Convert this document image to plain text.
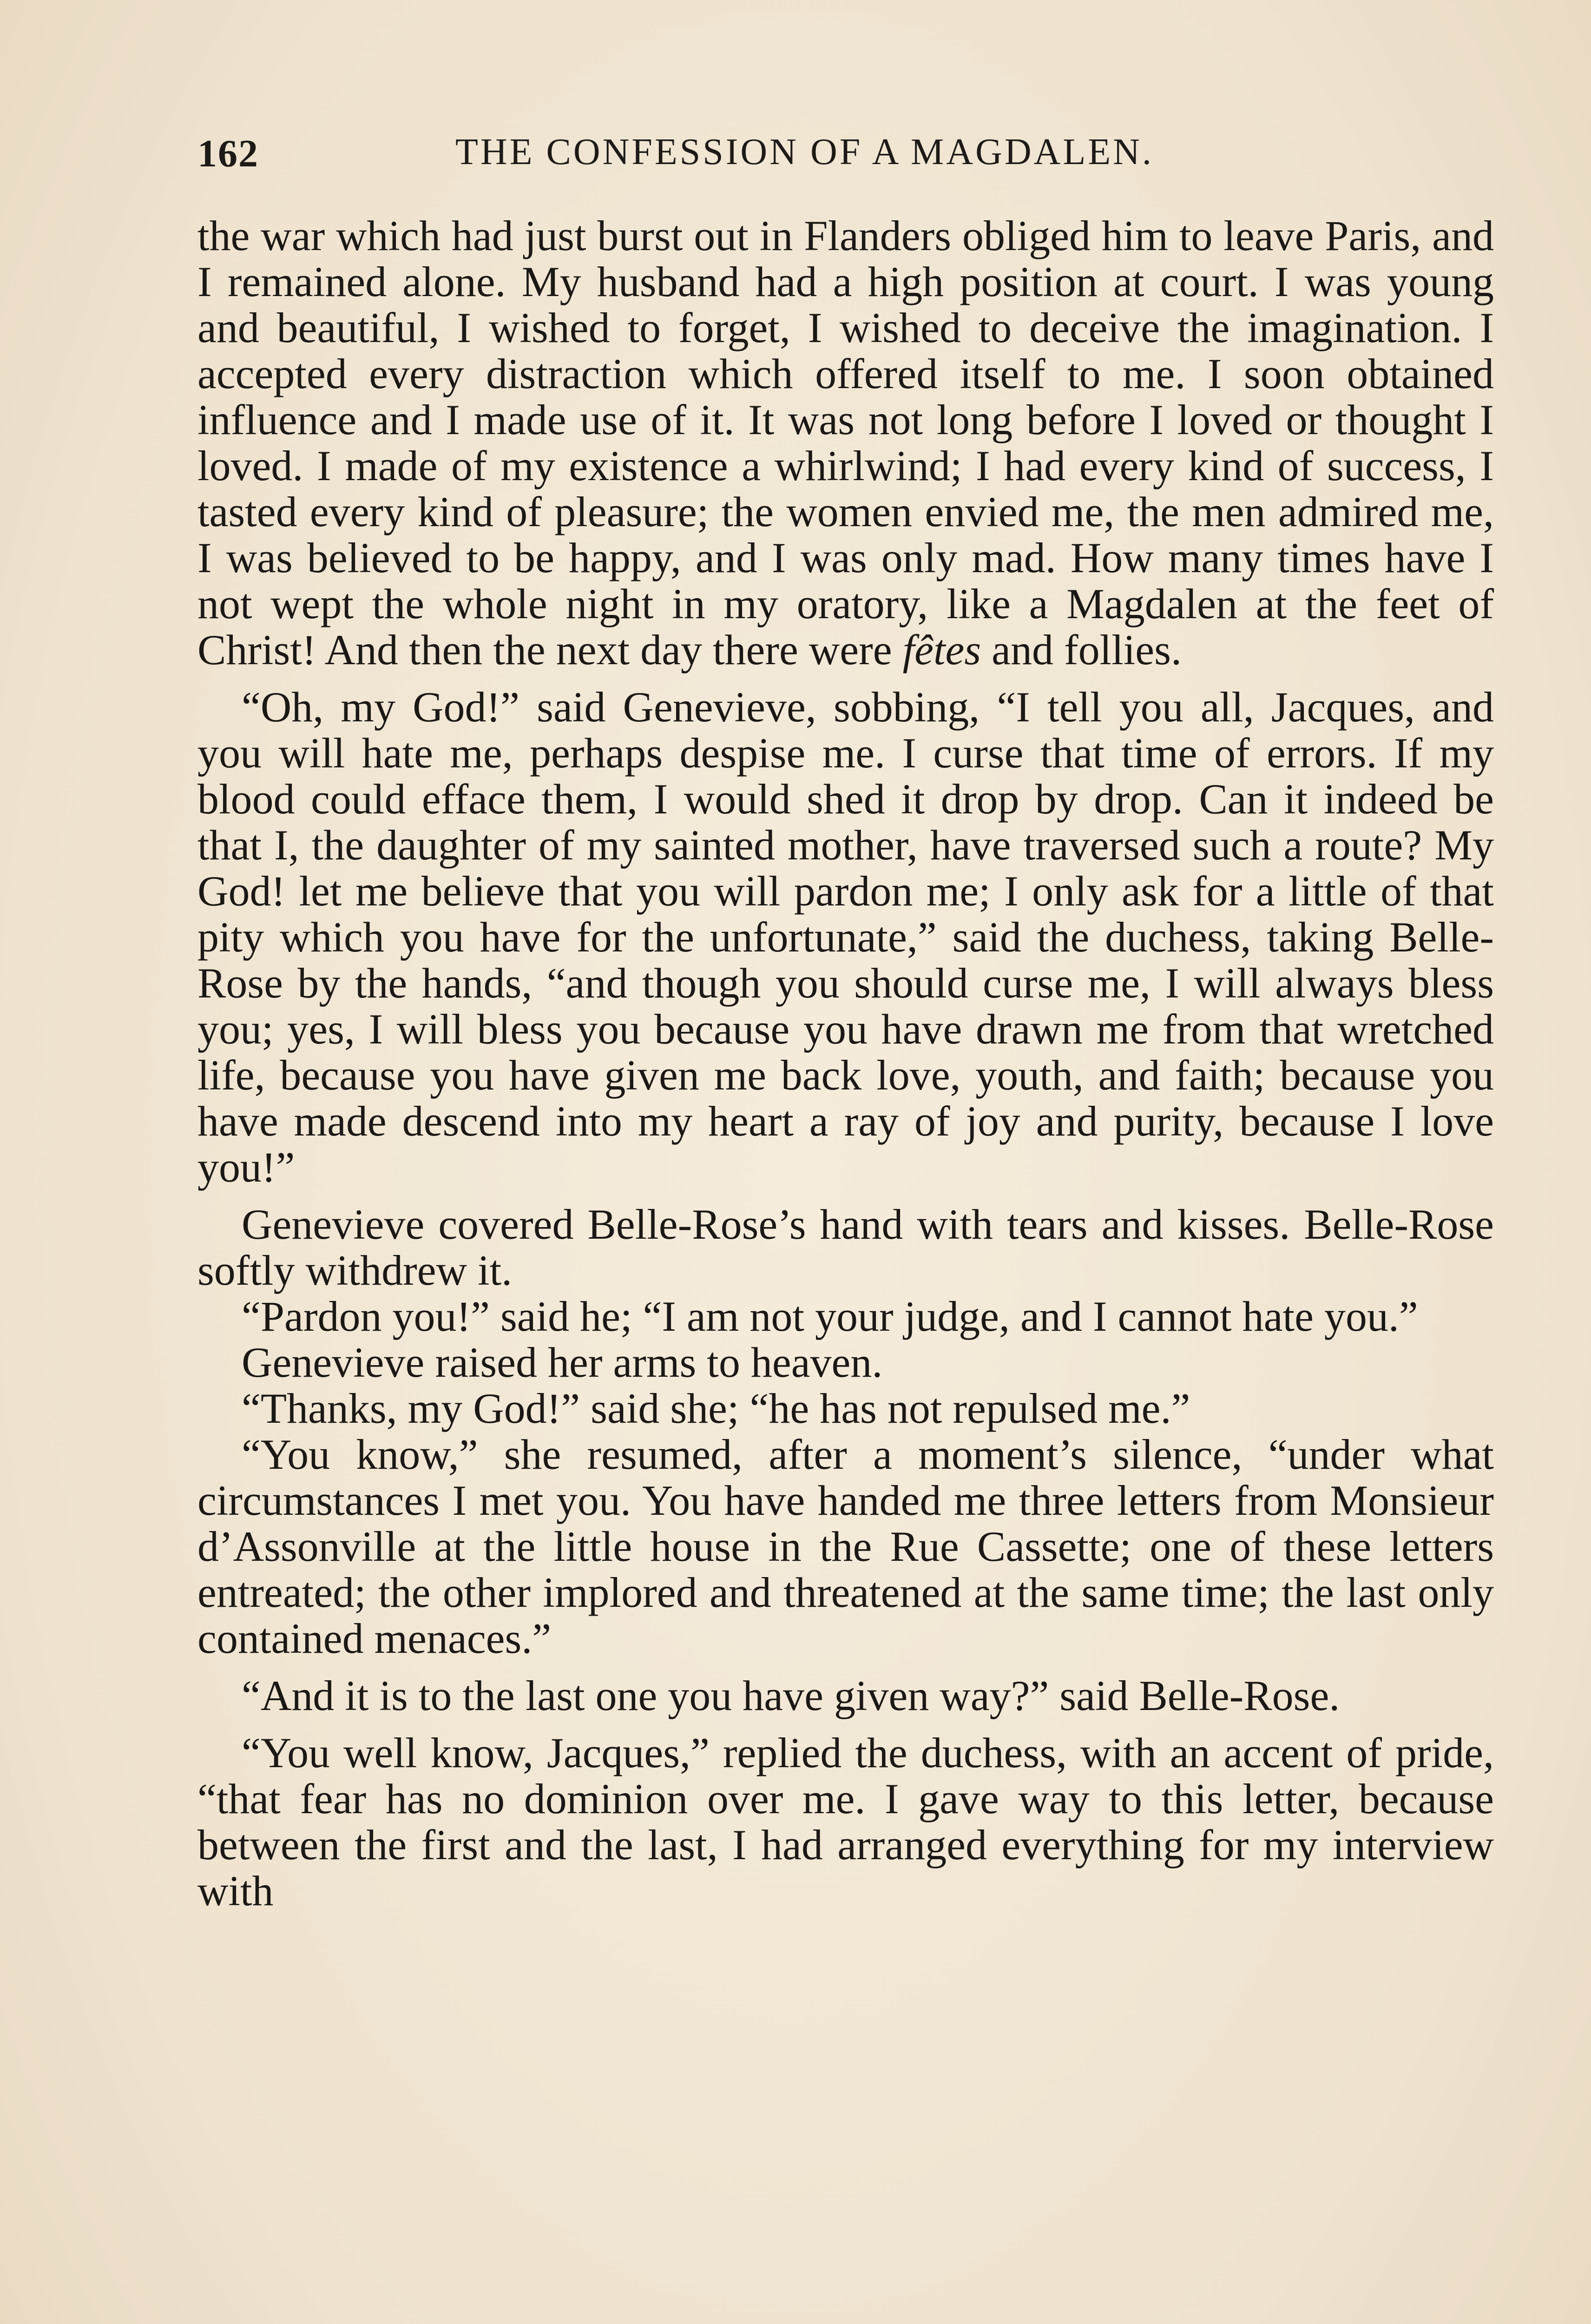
162	THE CONFESSION OF A MAGDALEN.

the war which had just burst out in Flanders obliged him to leave Paris, and I remained alone. My husband had a high position at court. I was young and beautiful, I wished to forget, I wished to deceive the imagination. I accepted every distraction which offered itself to me. I soon obtained influence and I made use of it. It was not long before I loved or thought I loved. I made of my existence a whirlwind; I had every kind of success, I tasted every kind of pleasure; the women envied me, the men admired me, I was believed to be happy, and I was only mad. How many times have I not wept the whole night in my oratory, like a Magdalen at the feet of Christ! And then the next day there were fêtes and follies.

“Oh, my God!” said Genevieve, sobbing, “I tell you all, Jacques, and you will hate me, perhaps despise me. I curse that time of errors. If my blood could efface them, I would shed it drop by drop. Can it indeed be that I, the daughter of my sainted mother, have traversed such a route? My God! let me believe that you will pardon me; I only ask for a little of that pity which you have for the unfortunate,” said the duchess, taking Belle-Rose by the hands, “and though you should curse me, I will always bless you; yes, I will bless you because you have drawn me from that wretched life, because you have given me back love, youth, and faith; because you have made descend into my heart a ray of joy and purity, because I love you!”

Genevieve covered Belle-Rose’s hand with tears and kisses. Belle-Rose softly withdrew it.

“Pardon you!” said he; “I am not your judge, and I cannot hate you.”

Genevieve raised her arms to heaven.

“Thanks, my God!” said she; “he has not repulsed me.”

“You know,” she resumed, after a moment’s silence, “under what circumstances I met you. You have handed me three letters from Monsieur d’Assonville at the little house in the Rue Cassette; one of these letters entreated; the other implored and threatened at the same time; the last only contained menaces.”

“And it is to the last one you have given way?” said Belle-Rose.

“You well know, Jacques,” replied the duchess, with an accent of pride, “that fear has no dominion over me. I gave way to this letter, because between the first and the last, I had arranged everything for my interview with
